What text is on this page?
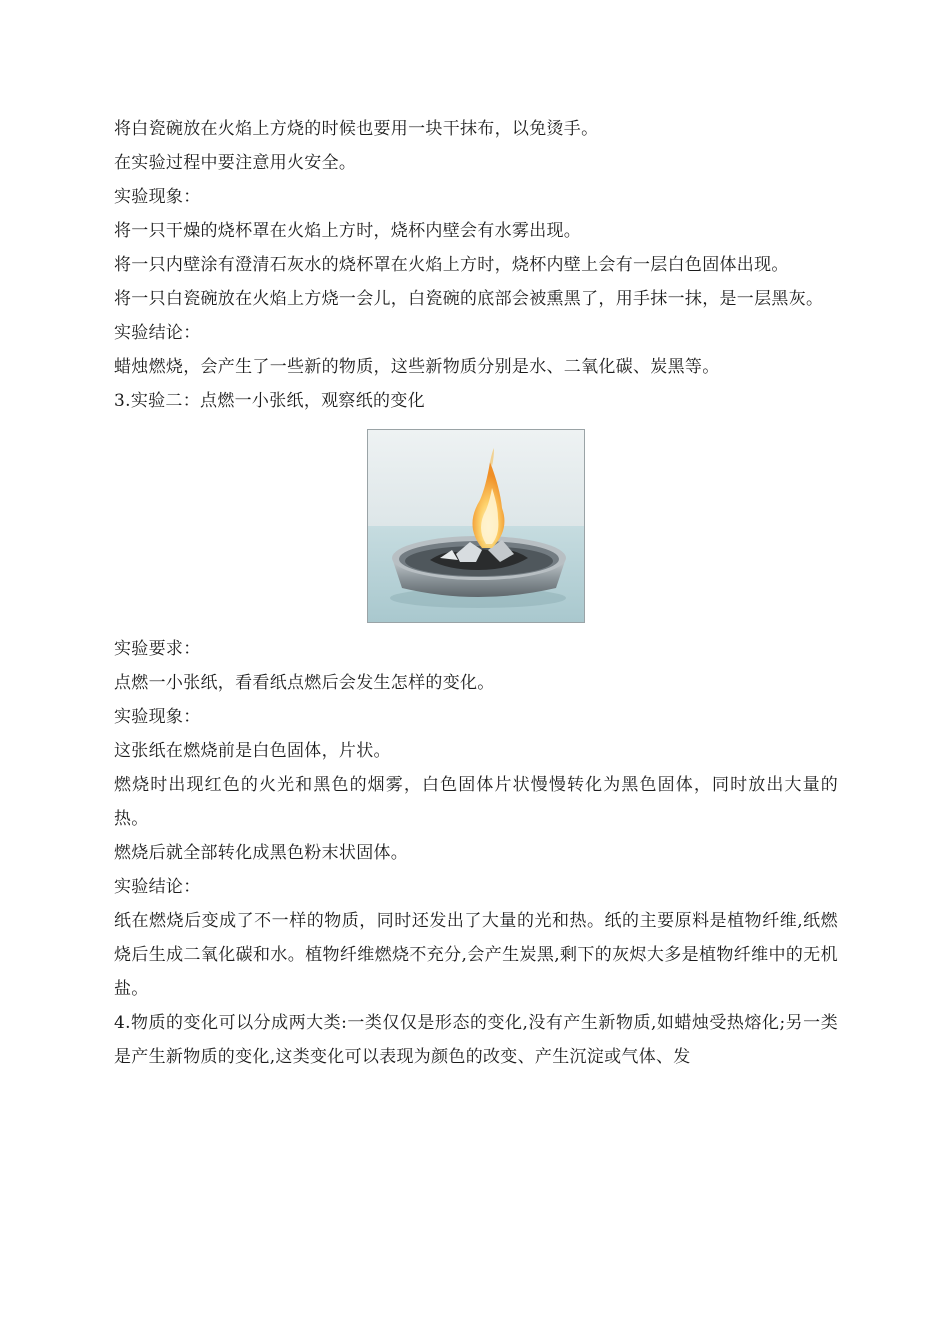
将白瓷碗放在火焰上方烧的时候也要用一块干抹布，以免烫手。

在实验过程中要注意用火安全。

实验现象：

将一只干燥的烧杯罩在火焰上方时，烧杯内壁会有水雾出现。

将一只内壁涂有澄清石灰水的烧杯罩在火焰上方时，烧杯内壁上会有一层白色固体出现。

将一只白瓷碗放在火焰上方烧一会儿，白瓷碗的底部会被熏黑了，用手抹一抹，是一层黑灰。

实验结论：

蜡烛燃烧，会产生了一些新的物质，这些新物质分别是水、二氧化碳、炭黑等。

3.实验二：点燃一小张纸，观察纸的变化

实验要求：

点燃一小张纸，看看纸点燃后会发生怎样的变化。

实验现象：

这张纸在燃烧前是白色固体，片状。

燃烧时出现红色的火光和黑色的烟雾，白色固体片状慢慢转化为黑色固体，同时放出大量的热。

燃烧后就全部转化成黑色粉末状固体。

实验结论：

纸在燃烧后变成了不一样的物质，同时还发出了大量的光和热。纸的主要原料是植物纤维,纸燃烧后生成二氧化碳和水。植物纤维燃烧不充分,会产生炭黑,剩下的灰烬大多是植物纤维中的无机盐。

4.物质的变化可以分成两大类:一类仅仅是形态的变化,没有产生新物质,如蜡烛受热熔化;另一类是产生新物质的变化,这类变化可以表现为颜色的改变、产生沉淀或气体、发
